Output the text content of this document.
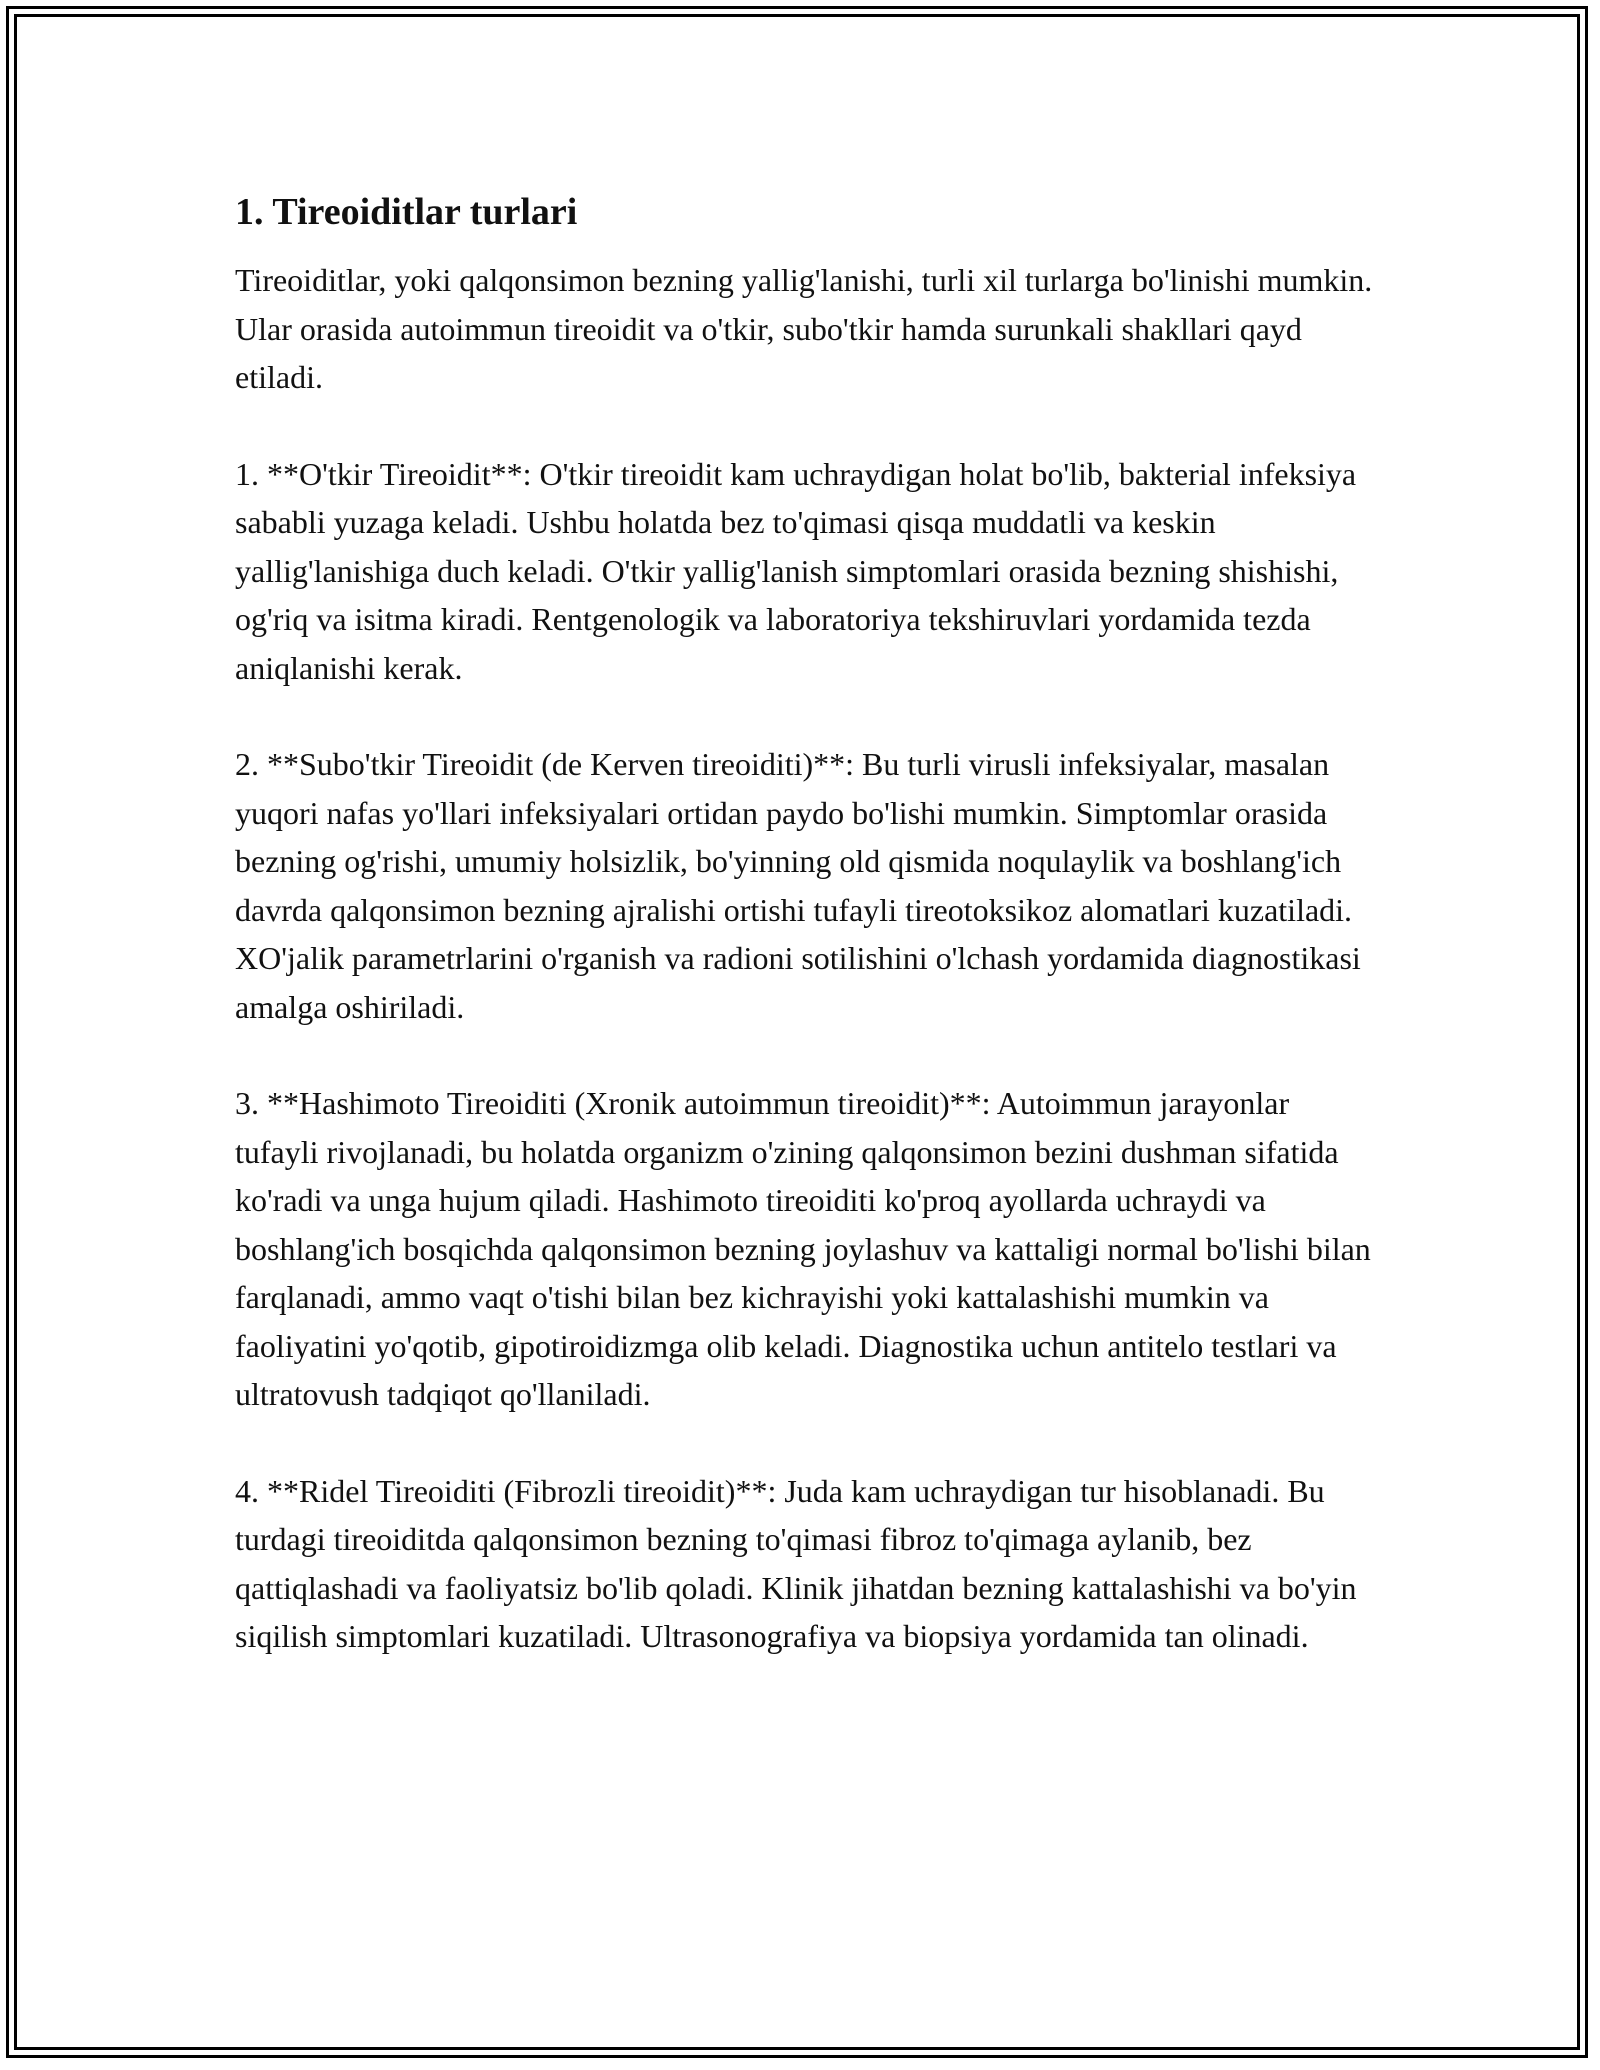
1. Tireoiditlar turlari

Tireoiditlar, yoki qalqonsimon bezning yallig'lanishi, turli xil turlarga bo'linishi mumkin. Ular orasida autoimmun tireoidit va o'tkir, subo'tkir hamda surunkali shakllari qayd etiladi.

1. **O'tkir Tireoidit**: O'tkir tireoidit kam uchraydigan holat bo'lib, bakterial infeksiya sababli yuzaga keladi. Ushbu holatda bez to'qimasi qisqa muddatli va keskin yallig'lanishiga duch keladi. O'tkir yallig'lanish simptomlari orasida bezning shishishi, og'riq va isitma kiradi. Rentgenologik va laboratoriya tekshiruvlari yordamida tezda aniqlanishi kerak.

2. **Subo'tkir Tireoidit (de Kerven tireoiditi)**: Bu turli virusli infeksiyalar, masalan yuqori nafas yo'llari infeksiyalari ortidan paydo bo'lishi mumkin. Simptomlar orasida bezning og'rishi, umumiy holsizlik, bo'yinning old qismida noqulaylik va boshlang'ich davrda qalqonsimon bezning ajralishi ortishi tufayli tireotoksikoz alomatlari kuzatiladi. XO'jalik parametrlarini o'rganish va radioni sotilishini o'lchash yordamida diagnostikasi amalga oshiriladi.

3. **Hashimoto Tireoiditi (Xronik autoimmun tireoidit)**: Autoimmun jarayonlar tufayli rivojlanadi, bu holatda organizm o'zining qalqonsimon bezini dushman sifatida ko'radi va unga hujum qiladi. Hashimoto tireoiditi ko'proq ayollarda uchraydi va boshlang'ich bosqichda qalqonsimon bezning joylashuv va kattaligi normal bo'lishi bilan farqlanadi, ammo vaqt o'tishi bilan bez kichrayishi yoki kattalashishi mumkin va faoliyatini yo'qotib, gipotiroidizmga olib keladi. Diagnostika uchun antitelo testlari va ultratovush tadqiqot qo'llaniladi.

4. **Ridel Tireoiditi (Fibrozli tireoidit)**: Juda kam uchraydigan tur hisoblanadi. Bu turdagi tireoiditda qalqonsimon bezning to'qimasi fibroz to'qimaga aylanib, bez qattiqlashadi va faoliyatsiz bo'lib qoladi. Klinik jihatdan bezning kattalashishi va bo'yin siqilish simptomlari kuzatiladi. Ultrasonografiya va biopsiya yordamida tan olinadi.
